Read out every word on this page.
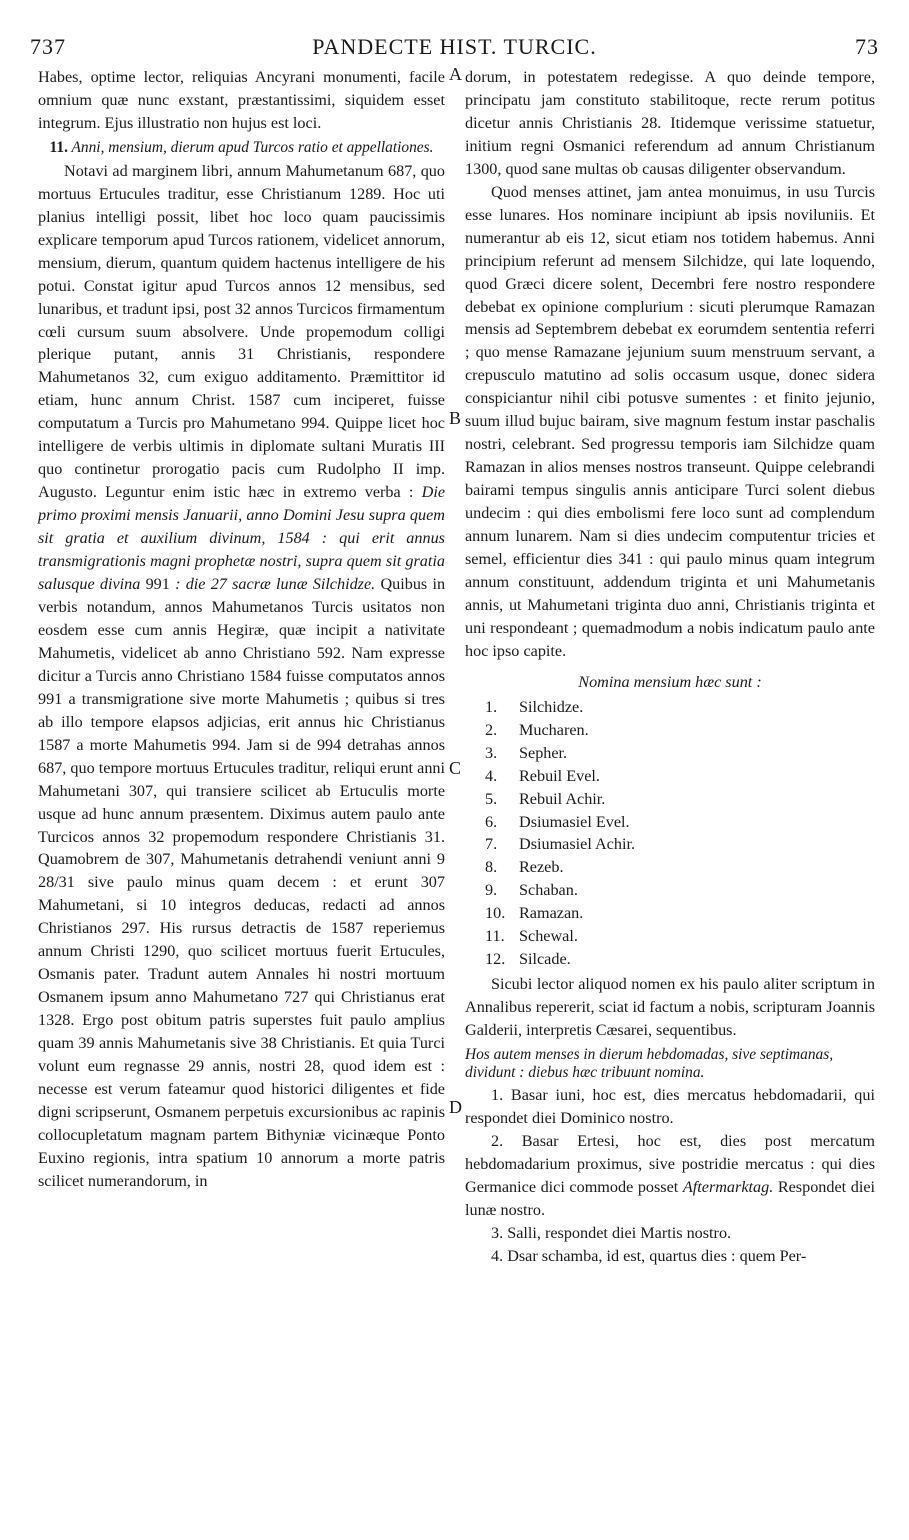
737	PANDECTE HIST. TURCIC.	73
A
B
C
D

Habes, optime lector, reliquias Ancyrani monumenti, facile omnium quæ nunc exstant, præstantissimi, siquidem esset integrum. Ejus illustratio non hujus est loci.

11. Anni, mensium, dierum apud Turcos ratio et appellationes.

Notavi ad marginem libri, annum Mahumetanum 687, quo mortuus Ertucules traditur, esse Christianum 1289. Hoc uti planius intelligi possit, libet hoc loco quam paucissimis explicare temporum apud Turcos rationem, videlicet annorum, mensium, dierum, quantum quidem hactenus intelligere de his potui. Constat igitur apud Turcos annos 12 mensibus, sed lunaribus, et tradunt ipsi, post 32 annos Turcicos firmamentum cœli cursum suum absolvere. Unde propemodum colligi plerique putant, annis 31 Christianis, respondere Mahumetanos 32, cum exiguo additamento. Præmittitor id etiam, hunc annum Christ. 1587 cum inciperet, fuisse computatum a Turcis pro Mahumetano 994. Quippe licet hoc intelligere de verbis ultimis in diplomate sultani Muratis III quo continetur prorogatio pacis cum Rudolpho II imp. Augusto. Leguntur enim istic hæc in extremo verba : Die primo proximi mensis Januarii, anno Domini Jesu supra quem sit gratia et auxilium divinum, 1584 : qui erit annus transmigrationis magni prophetæ nostri, supra quem sit gratia salusque divina 991 : die 27 sacræ lunæ Silchidze. Quibus in verbis notandum, annos Mahumetanos Turcis usitatos non eosdem esse cum annis Hegiræ, quæ incipit a nativitate Mahumetis, videlicet ab anno Christiano 592. Nam expresse dicitur a Turcis anno Christiano 1584 fuisse computatos annos 991 a transmigratione sive morte Mahumetis ; quibus si tres ab illo tempore elapsos adjicias, erit annus hic Christianus 1587 a morte Mahumetis 994. Jam si de 994 detrahas annos 687, quo tempore mortuus Ertucules traditur, reliqui erunt anni Mahumetani 307, qui transiere scilicet ab Ertuculis morte usque ad hunc annum præsentem. Diximus autem paulo ante Turcicos annos 32 propemodum respondere Christianis 31. Quamobrem de 307, Mahumetanis detrahendi veniunt anni 9 28/31 sive paulo minus quam decem : et erunt 307 Mahumetani, si 10 integros deducas, redacti ad annos Christianos 297. His rursus detractis de 1587 reperiemus annum Christi 1290, quo scilicet mortuus fuerit Ertucules, Osmanis pater. Tradunt autem Annales hi nostri mortuum Osmanem ipsum anno Mahumetano 727 qui Christianus erat 1328. Ergo post obitum patris superstes fuit paulo amplius quam 39 annis Mahumetanis sive 38 Christianis. Et quia Turci volunt eum regnasse 29 annis, nostri 28, quod idem est : necesse est verum fateamur quod historici diligentes et fide digni scripserunt, Osmanem perpetuis excursionibus ac rapinis collocupletatum magnam partem Bithyniæ vicinæque Ponto Euxino regionis, intra spatium 10 annorum a morte patris scilicet numerandorum, in

dorum, in potestatem redegisse. A quo deinde tempore, principatu jam constituto stabilitoque, recte rerum potitus dicetur annis Christianis 28. Itidemque verissime statuetur, initium regni Osmanici referendum ad annum Christianum 1300, quod sane multas ob causas diligenter observandum.

Quod menses attinet, jam antea monuimus, in usu Turcis esse lunares. Hos nominare incipiunt ab ipsis noviluniis. Et numerantur ab eis 12, sicut etiam nos totidem habemus. Anni principium referunt ad mensem Silchidze, qui late loquendo, quod Græci dicere solent, Decembri fere nostro respondere debebat ex opinione complurium : sicuti plerumque Ramazan mensis ad Septembrem debebat ex eorumdem sententia referri ; quo mense Ramazane jejunium suum menstruum servant, a crepusculo matutino ad solis occasum usque, donec sidera conspiciantur nihil cibi potusve sumentes : et finito jejunio, suum illud bujuc bairam, sive magnum festum instar paschalis nostri, celebrant. Sed progressu temporis iam Silchidze quam Ramazan in alios menses nostros transeunt. Quippe celebrandi bairami tempus singulis annis anticipare Turci solent diebus undecim : qui dies embolismi fere loco sunt ad complendum annum lunarem. Nam si dies undecim computentur tricies et semel, efficientur dies 341 : qui paulo minus quam integrum annum constituunt, addendum triginta et uni Mahumetanis annis, ut Mahumetani triginta duo anni, Christianis triginta et uni respondeant ; quemadmodum a nobis indicatum paulo ante hoc ipso capite.

Nomina mensium hæc sunt :
1. Silchidze.
2. Mucharen.
3. Sepher.
4. Rebuil Evel.
5. Rebuil Achir.
6. Dsiumasiel Evel.
7. Dsiumasiel Achir.
8. Rezeb.
9. Schaban.
10. Ramazan.
11. Schewal.
12. Silcade.

Sicubi lector aliquod nomen ex his paulo aliter scriptum in Annalibus repererit, sciat id factum a nobis, scripturam Joannis Galderii, interpretis Cæsarei, sequentibus.

Hos autem menses in dierum hebdomadas, sive septimanas, dividunt : diebus hæc tribuunt nomina.

1. Basar iuni, hoc est, dies mercatus hebdomadarii, qui respondet diei Dominico nostro.

2. Basar Ertesi, hoc est, dies post mercatum hebdomadarium proximus, sive postridie mercatus : qui dies Germanice dici commode posset Aftermarktag. Respondet diei lunæ nostro.

3. Salli, respondet diei Martis nostro.

4. Dsar schamba, id est, quartus dies : quem Per-
